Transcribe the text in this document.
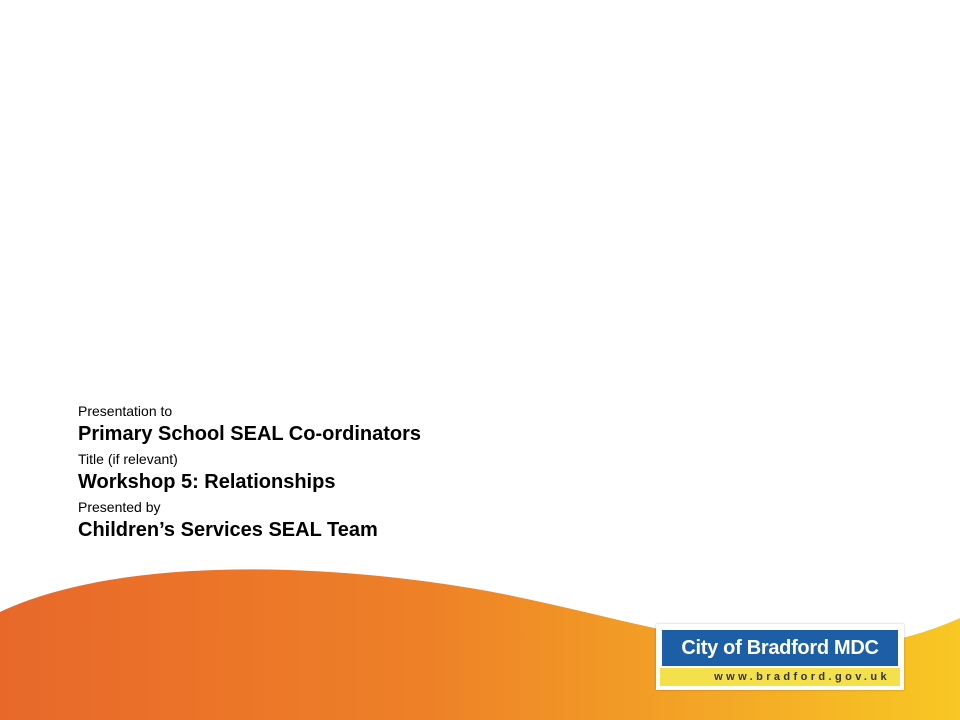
Presentation to

Primary School SEAL Co-ordinators

Title (if relevant)

Workshop 5: Relationships

Presented by

Children’s Services SEAL Team

City of Bradford MDC
www.bradford.gov.uk
